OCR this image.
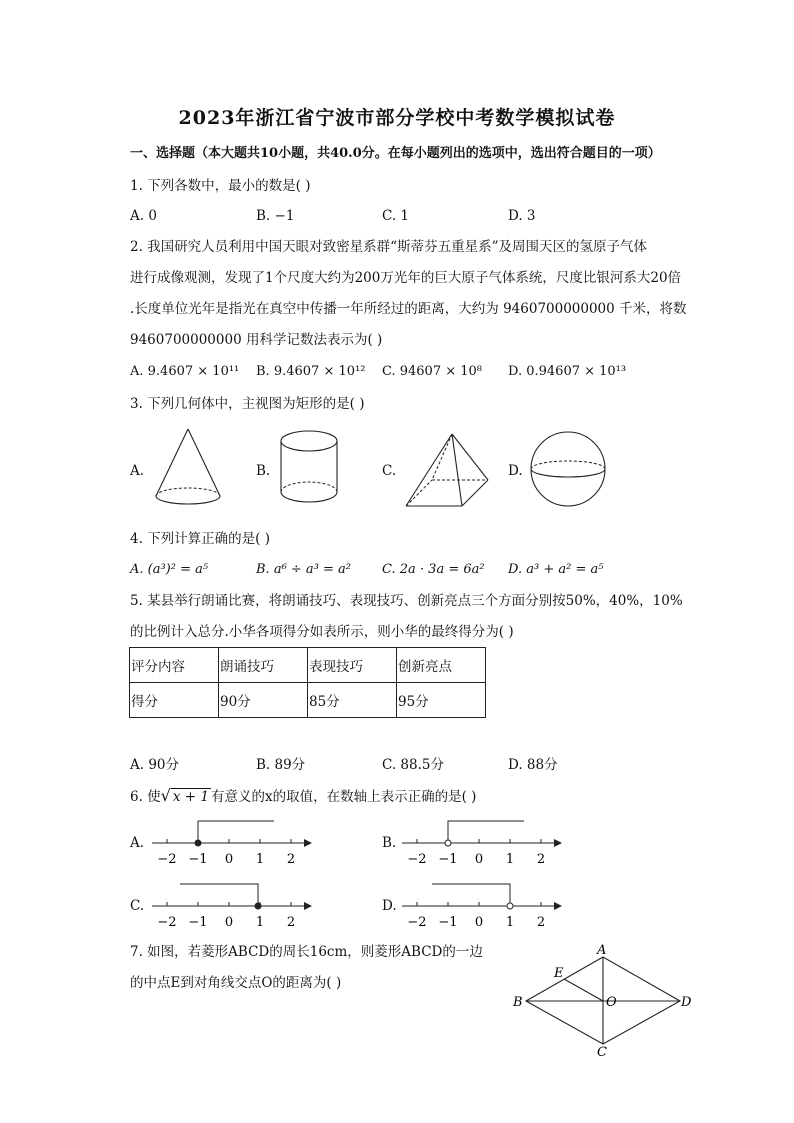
2023年浙江省宁波市部分学校中考数学模拟试卷
一、选择题（本大题共10小题，共40.0分。在每小题列出的选项中，选出符合题目的一项）
1. 下列各数中，最小的数是( )
A. 0	B. −1	C. 1	D. 3
2. 我国研究人员利用中国天眼对致密星系群“斯蒂芬五重星系”及周围天区的氢原子气体
进行成像观测，发现了1个尺度大约为200万光年的巨大原子气体系统，尺度比银河系大20倍
.长度单位光年是指光在真空中传播一年所经过的距离，大约为 9460700000000 千米，将数
9460700000000 用科学记数法表示为( )
A. 9.4607 × 10¹¹ B. 9.4607 × 10¹² C. 94607 × 10⁸ D. 0.94607 × 10¹³
3. 下列几何体中，主视图为矩形的是( )
A.	B.	C.	D.
4. 下列计算正确的是( )
A. (a³)² = a⁵	B. a⁶ ÷ a³ = a² C. 2a · 3a = 6a² D. a³ + a² = a⁵
5. 某县举行朗诵比赛，将朗诵技巧、表现技巧、创新亮点三个方面分别按50%，40%，10%
的比例计入总分.小华各项得分如表所示，则小华的最终得分为( )
评分内容	朗诵技巧	表现技巧	创新亮点
得分	90分	85分	95分
A. 90分	B. 89分	C. 88.5分	D. 88分
6. 使√ x + 1 有意义的x的取值，在数轴上表示正确的是( )
A.	B.
C.	D.
−2 −1 0 1 2	−2 −1 0 1 2
−2 −1 0 1 2	−2 −1 0 1 2
7. 如图，若菱形ABCD的周长16cm，则菱形ABCD的一边
的中点E到对角线交点O的距离为( )
A
B
C
D
E
O
